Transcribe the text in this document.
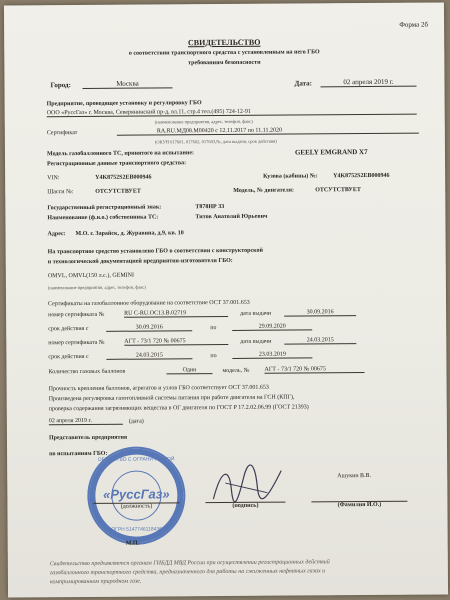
Форма 2б
СВИДЕТЕЛЬСТВО
о соответствии транспортного средства с установленным на него ГБО
требованиям безопасности
Город:	Москва	Дата:	02 апреля 2019 г.
Предприятие, проводящее установку и регулировку ГБО
ООО «РуссГаз» г. Москва, Северянинский пр-д, вл.11, стр.4 тел.(495) 724-12-91
(наименование предприятия, адрес, телефон, факс)
Сертификат	RA.RU.МД08.М00420 с 12.11.2017 по 11.11.2020
(ОКУН 017601, 017602, 017603,№, дата выдачи, срок действия)
Модель газобаллонного ТС, принятого на испытание:	GEELY EMGRAND X7
Регистрационные данные транспортного средства:
VIN:	Y4K8752S2EB000946	Кузова (кабины) №:	Y4K8752S2EB000946
Шасси №:	ОТСУТСТВУЕТ	Модель, № двигателя:	ОТСУТСТВУЕТ
Государственный регистрационный знак:	Т878НР 33
Наименование (ф.и.о.) собственника ТС:	Титов Анатолий Юрьевич
Адрес: М.О. г. Зарайск, д. Журавина, д.9, кв. 10
На транспортное средство установлено ГБО в соответствии с конструкторской
и технологической документацией предприятия-изготовителя ГБО:
OMVL, OMVL(150 л.с.), GEMINI
(наименование предприятия, адрес, телефон, факс)
Сертификаты на газобаллонное оборудование на соответствие ОСТ 37.001.653
номер сертификата №	RU C-RU.ОС13.В.02719	дата выдачи	30.09.2016
срок действия с	30.09.2016	по	29.09.2020
номер сертификата №	АГТ - 73/1 720 № 00675	дата выдачи	24.03.2015
срок действия с	24.03.2015	по	23.03.2019
Количество газовых баллонов	Один	модель, №	АГТ - 73/1 720 № 00675
Прочность крепления баллонов, агрегатов и узлов ГБО соответствует ОСТ 37.001.653
Произведена регулировка газотопливной системы питания при работе двигателя на ГСН (КПГ),
проверка содержания загрязняющих вещества в ОГ двигателя по ГОСТ Р 17.2.02.06.99 (ГОСТ 21393)
02 апреля 2019 г.	(дата)
Представитель предприятия
по испытаниям ГБО:
ОБЩЕСТВО С ОГРАНИЧЕННОЙ
«РуссГаз»
ОГРН 5147746118436
(должность)	(подпись)
Ашукин В.В.
(Фамилия И.О.)
М.П.
Свидетельство предъявляется органам ГИБДД МВД России при осуществлении регистрационных действий
газобаллонного транспортного средства, предназначенного для работы на сжиженных нефтяных газах и
компримированном природном газе.
